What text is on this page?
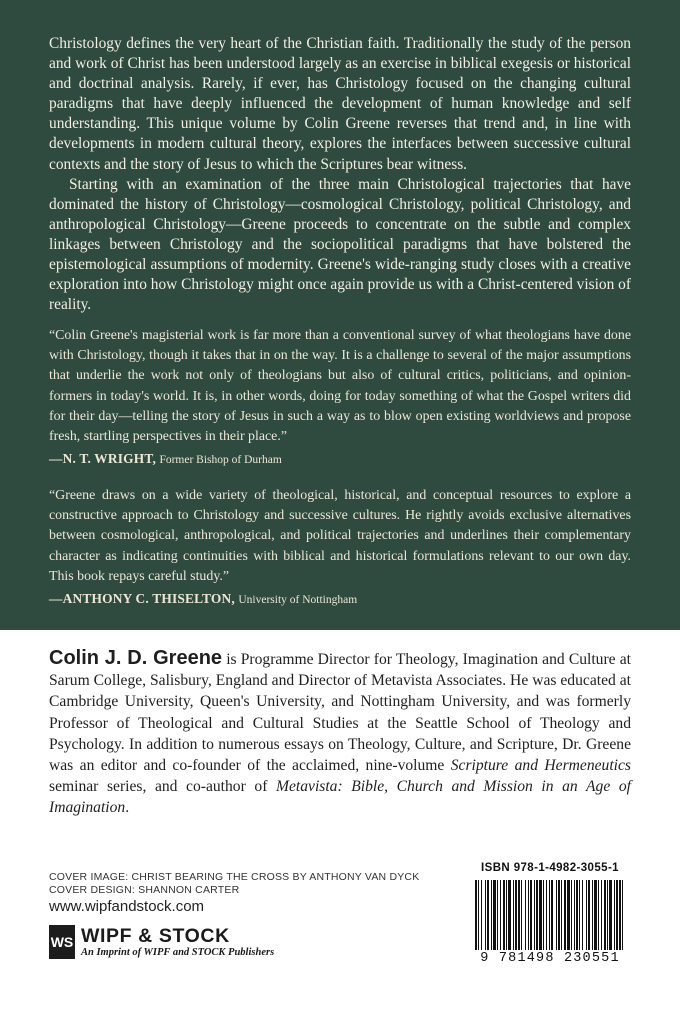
Christology defines the very heart of the Christian faith. Traditionally the study of the person and work of Christ has been understood largely as an exercise in biblical exegesis or historical and doctrinal analysis. Rarely, if ever, has Christology focused on the changing cultural paradigms that have deeply influenced the development of human knowledge and self understanding. This unique volume by Colin Greene reverses that trend and, in line with developments in modern cultural theory, explores the interfaces between successive cultural contexts and the story of Jesus to which the Scriptures bear witness.

Starting with an examination of the three main Christological trajectories that have dominated the history of Christology—cosmological Christology, political Christology, and anthropological Christology—Greene proceeds to concentrate on the subtle and complex linkages between Christology and the sociopolitical paradigms that have bolstered the epistemological assumptions of modernity. Greene's wide-ranging study closes with a creative exploration into how Christology might once again provide us with a Christ-centered vision of reality.

“Colin Greene's magisterial work is far more than a conventional survey of what theologians have done with Christology, though it takes that in on the way. It is a challenge to several of the major assumptions that underlie the work not only of theologians but also of cultural critics, politicians, and opinion-formers in today's world. It is, in other words, doing for today something of what the Gospel writers did for their day—telling the story of Jesus in such a way as to blow open existing worldviews and propose fresh, startling perspectives in their place.”
—N. T. WRIGHT, Former Bishop of Durham
“Greene draws on a wide variety of theological, historical, and conceptual resources to explore a constructive approach to Christology and successive cultures. He rightly avoids exclusive alternatives between cosmological, anthropological, and political trajectories and underlines their complementary character as indicating continuities with biblical and historical formulations relevant to our own day. This book repays careful study.”
—ANTHONY C. THISELTON, University of Nottingham
Colin J. D. Greene is Programme Director for Theology, Imagination and Culture at Sarum College, Salisbury, England and Director of Metavista Associates. He was educated at Cambridge University, Queen's University, and Nottingham University, and was formerly Professor of Theological and Cultural Studies at the Seattle School of Theology and Psychology. In addition to numerous essays on Theology, Culture, and Scripture, Dr. Greene was an editor and co-founder of the acclaimed, nine-volume Scripture and Hermeneutics seminar series, and co-author of Metavista: Bible, Church and Mission in an Age of Imagination.
COVER IMAGE: CHRIST BEARING THE CROSS BY ANTHONY VAN DYCK
COVER DESIGN: SHANNON CARTER
www.wipfandstock.com
WS WIPF & STOCK
An Imprint of WIPF and STOCK Publishers
ISBN 978-1-4982-3055-1
9 781498 230551
